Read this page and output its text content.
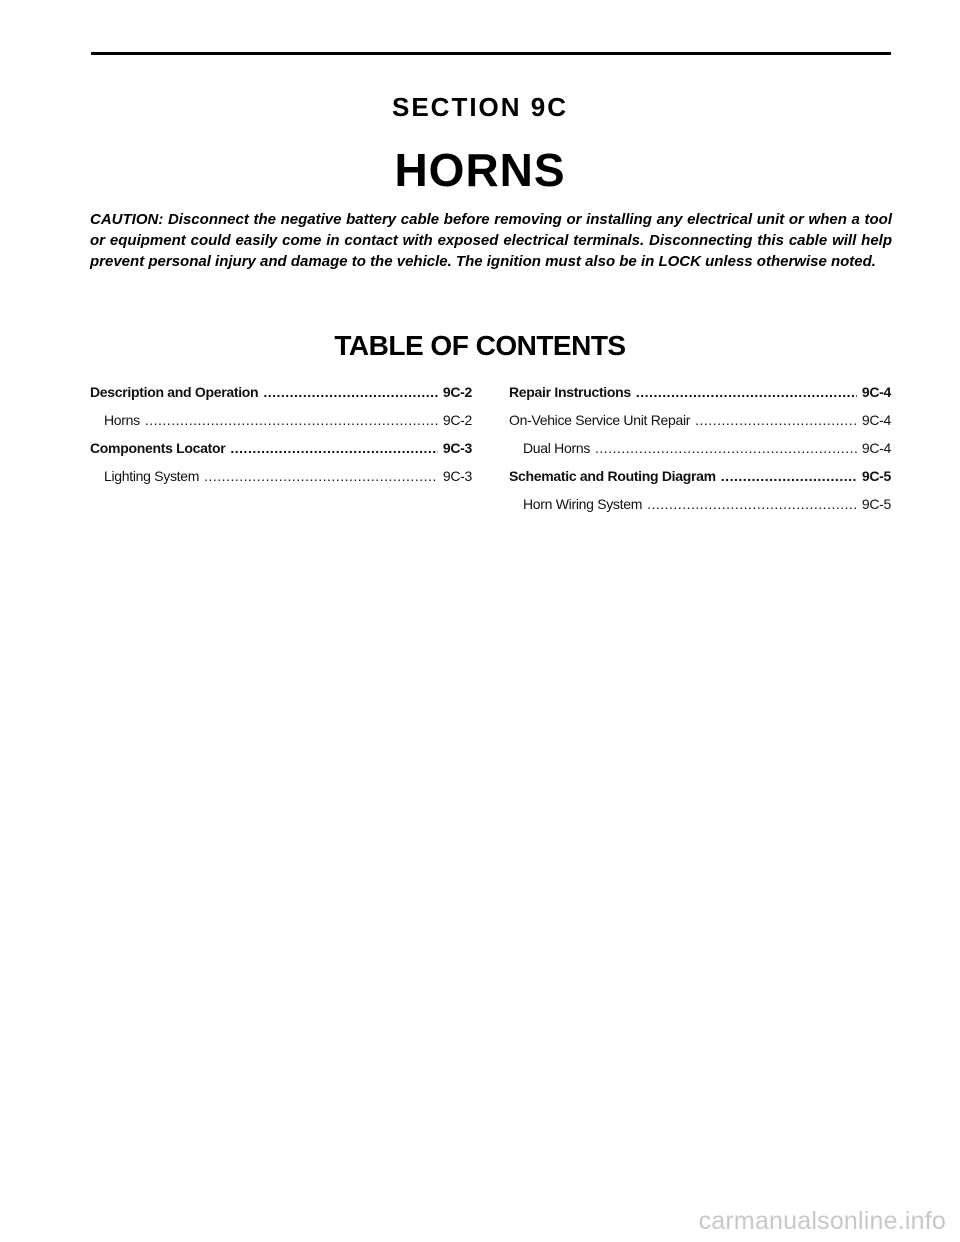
SECTION 9C
HORNS

CAUTION: Disconnect the negative battery cable before removing or installing any electrical unit or when a tool or equipment could easily come in contact with exposed electrical terminals. Disconnecting this cable will help prevent personal injury and damage to the vehicle. The ignition must also be in LOCK unless otherwise noted.

TABLE OF CONTENTS
Description and Operation .....	9C-2
Horns .....	9C-2
Components Locator .....	9C-3
Lighting System .....	9C-3
Repair Instructions .....	9C-4
On-Vehice Service Unit Repair .....	9C-4
Dual Horns .....	9C-4
Schematic and Routing Diagram .....	9C-5
Horn Wiring System .....	9C-5
carmanualsonline.info
